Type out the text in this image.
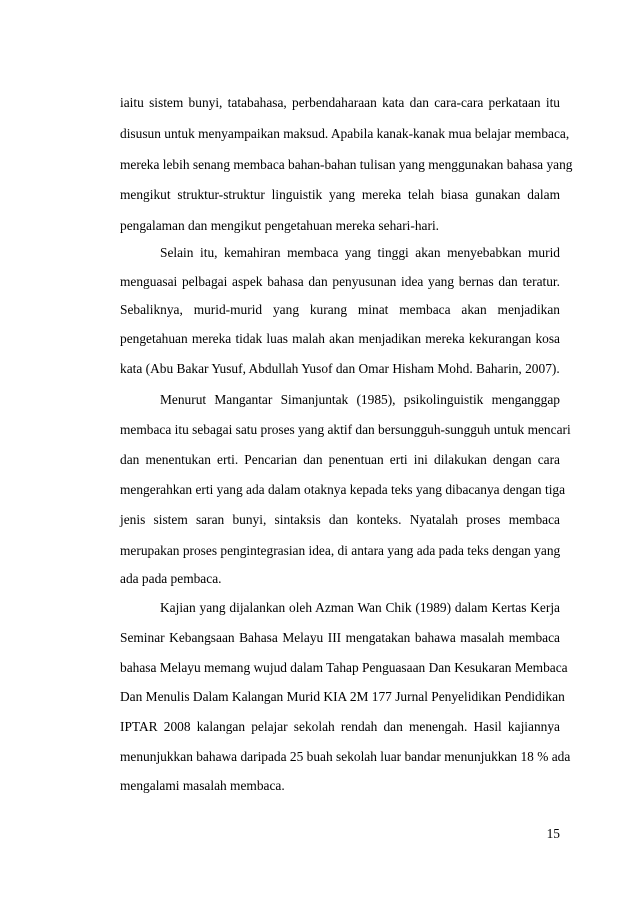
iaitu sistem bunyi, tatabahasa, perbendaharaan kata dan cara-cara perkataan itu
disusun untuk menyampaikan maksud. Apabila kanak-kanak mua belajar membaca,
mereka lebih senang membaca bahan-bahan tulisan yang menggunakan bahasa yang
mengikut struktur-struktur linguistik yang mereka telah biasa gunakan dalam
pengalaman dan mengikut pengetahuan mereka sehari-hari.
Selain itu, kemahiran membaca yang tinggi akan menyebabkan murid
menguasai pelbagai aspek bahasa dan penyusunan idea yang bernas dan teratur.
Sebaliknya, murid-murid yang kurang minat membaca akan menjadikan
pengetahuan mereka tidak luas malah akan menjadikan mereka kekurangan kosa
kata (Abu Bakar Yusuf, Abdullah Yusof dan Omar Hisham Mohd. Baharin, 2007).
Menurut Mangantar Simanjuntak (1985), psikolinguistik menganggap
membaca itu sebagai satu proses yang aktif dan bersungguh-sungguh untuk mencari
dan menentukan erti. Pencarian dan penentuan erti ini dilakukan dengan cara
mengerahkan erti yang ada dalam otaknya kepada teks yang dibacanya dengan tiga
jenis sistem saran bunyi, sintaksis dan konteks. Nyatalah proses membaca
merupakan proses pengintegrasian idea, di antara yang ada pada teks dengan yang
ada pada pembaca.
Kajian yang dijalankan oleh Azman Wan Chik (1989) dalam Kertas Kerja
Seminar Kebangsaan Bahasa Melayu III mengatakan bahawa masalah membaca
bahasa Melayu memang wujud dalam Tahap Penguasaan Dan Kesukaran Membaca
Dan Menulis Dalam Kalangan Murid KIA 2M 177 Jurnal Penyelidikan Pendidikan
IPTAR 2008 kalangan pelajar sekolah rendah dan menengah. Hasil kajiannya
menunjukkan bahawa daripada 25 buah sekolah luar bandar menunjukkan 18 % ada
mengalami masalah membaca.
15
